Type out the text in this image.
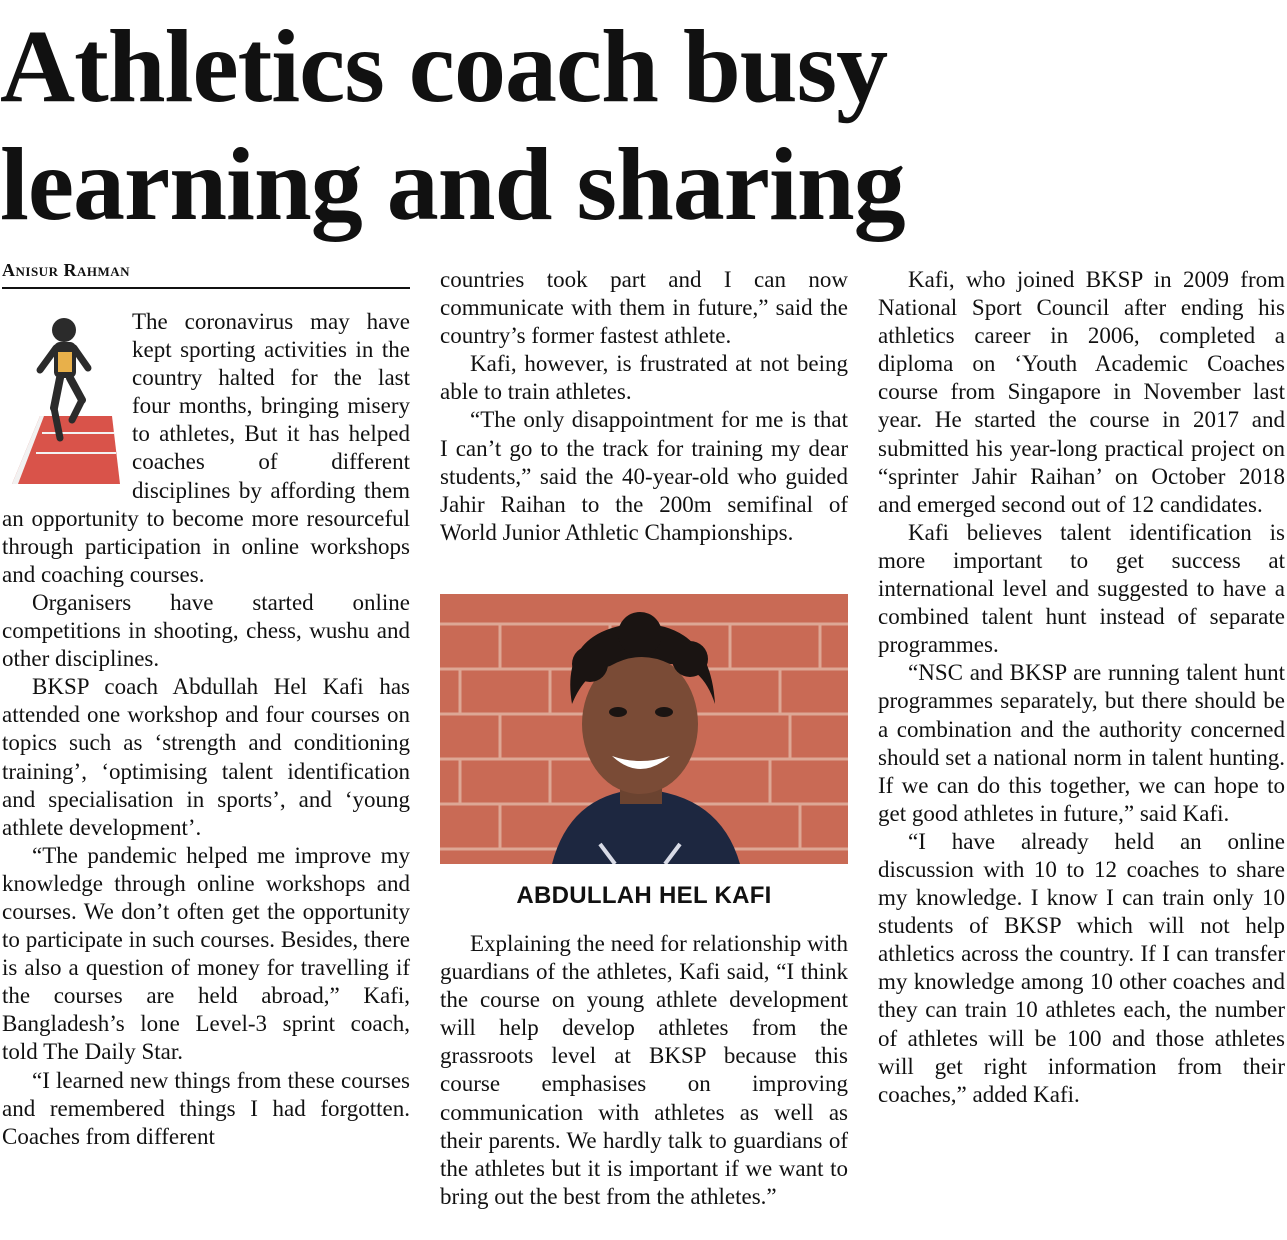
Athletics coach busy
learning and sharing
Anisur Rahman

The coronavirus may have kept sporting activities in the country halted for the last four months, bringing misery to athletes, But it has helped coaches of different disciplines by affording them an opportunity to become more resourceful through participation in online workshops and coaching courses.

Organisers have started online competitions in shooting, chess, wushu and other disciplines.

BKSP coach Abdullah Hel Kafi has attended one workshop and four courses on topics such as ‘strength and conditioning training’, ‘optimising talent identification and specialisation in sports’, and ‘young athlete development’.

“The pandemic helped me improve my knowledge through online workshops and courses. We don’t often get the opportunity to participate in such courses. Besides, there is also a question of money for travelling if the courses are held abroad,” Kafi, Bangladesh’s lone Level-3 sprint coach, told The Daily Star.

“I learned new things from these courses and remembered things I had forgotten. Coaches from different

countries took part and I can now communicate with them in future,” said the country’s former fastest athlete.

Kafi, however, is frustrated at not being able to train athletes.

“The only disappointment for me is that I can’t go to the track for training my dear students,” said the 40-year-old who guided Jahir Raihan to the 200m semifinal of World Junior Athletic Championships.

ABDULLAH HEL KAFI

Explaining the need for relationship with guardians of the athletes, Kafi said, “I think the course on young athlete development will help develop athletes from the grassroots level at BKSP because this course emphasises on improving communication with athletes as well as their parents. We hardly talk to guardians of the athletes but it is important if we want to bring out the best from the athletes.”

Kafi, who joined BKSP in 2009 from National Sport Council after ending his athletics career in 2006, completed a diploma on ‘Youth Academic Coaches course from Singapore in November last year. He started the course in 2017 and submitted his year-long practical project on “sprinter Jahir Raihan’ on October 2018 and emerged second out of 12 candidates.

Kafi believes talent identification is more important to get success at international level and suggested to have a combined talent hunt instead of separate programmes.

“NSC and BKSP are running talent hunt programmes separately, but there should be a combination and the authority concerned should set a national norm in talent hunting. If we can do this together, we can hope to get good athletes in future,” said Kafi.

“I have already held an online discussion with 10 to 12 coaches to share my knowledge. I know I can train only 10 students of BKSP which will not help athletics across the country. If I can transfer my knowledge among 10 other coaches and they can train 10 athletes each, the number of athletes will be 100 and those athletes will get right information from their coaches,” added Kafi.
